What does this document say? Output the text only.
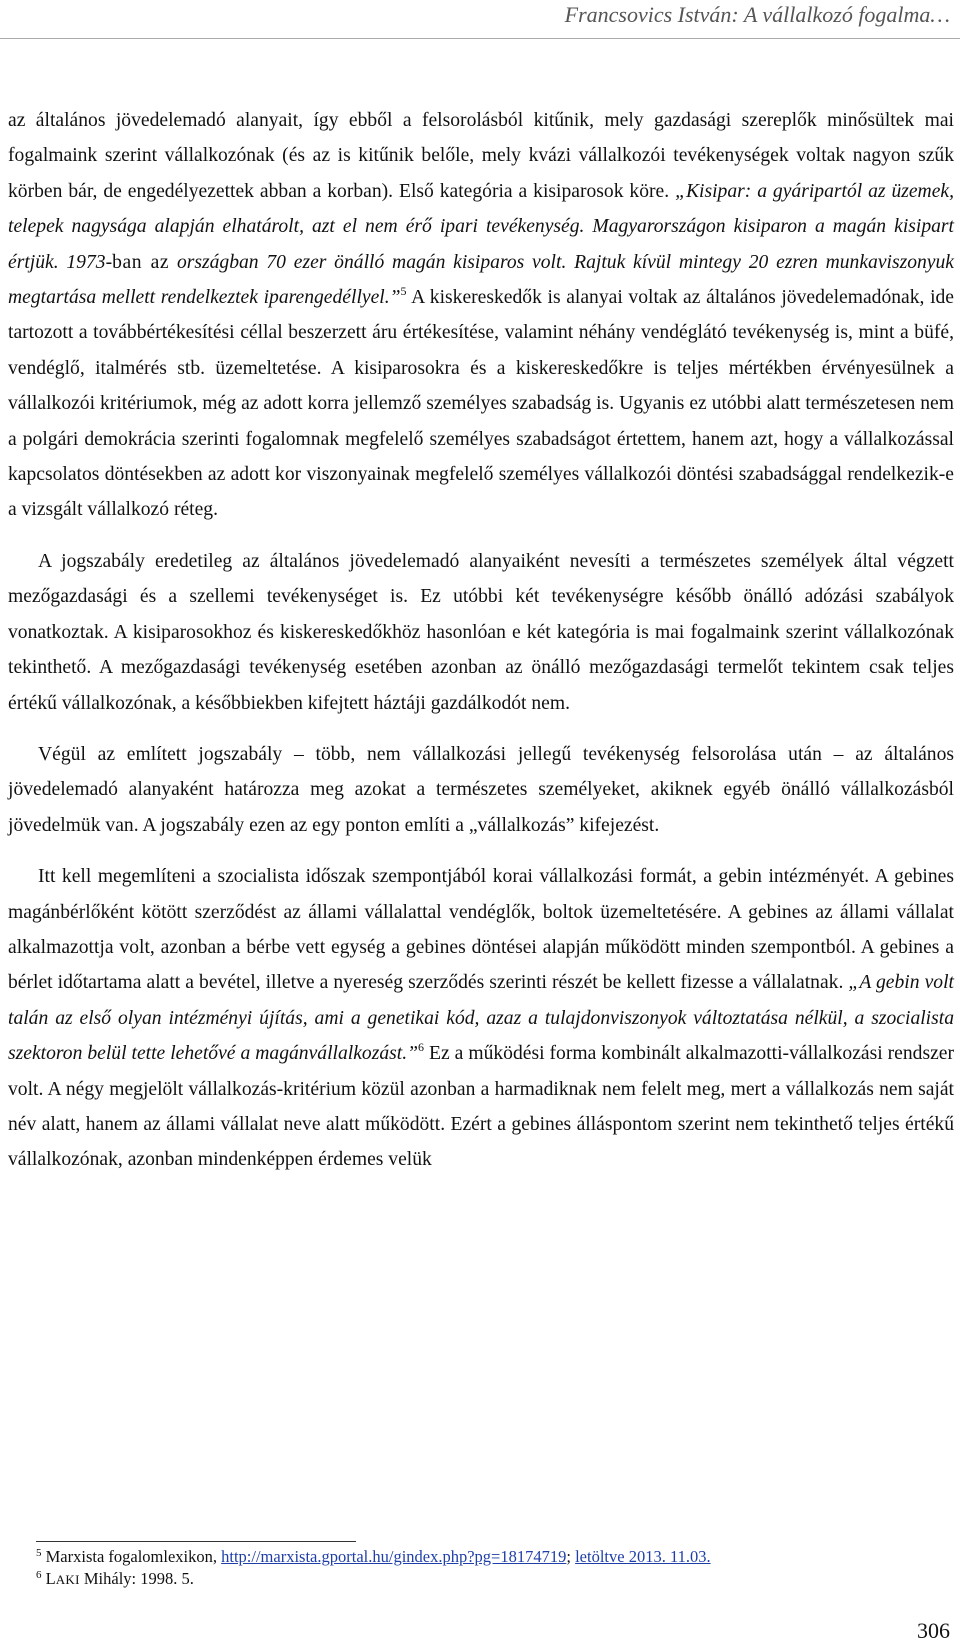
Francsovics István: A vállalkozó fogalma…

az általános jövedelemadó alanyait, így ebből a felsorolásból kitűnik, mely gazdasági szereplők minősültek mai fogalmaink szerint vállalkozónak (és az is kitűnik belőle, mely kvázi vállalkozói tevékenységek voltak nagyon szűk körben bár, de engedélyezettek abban a korban). Első kategória a kisiparosok köre. „Kisipar: a gyáripartól az üzemek, telepek nagysága alapján elhatárolt, azt el nem érő ipari tevékenység. Magyarországon kisiparon a magán kisipart értjük. 1973-ban az országban 70 ezer önálló magán kisiparos volt. Rajtuk kívül mintegy 20 ezren munkaviszonyuk megtartása mellett rendelkeztek iparengedéllyel.”$^5$ A kiskereskedők is alanyai voltak az általános jövedelemadónak, ide tartozott a továbbértékesítési céllal beszerzett áru értékesítése, valamint néhány vendéglátó tevékenység is, mint a büfé, vendéglő, italmérés stb. üzemeltetése. A kisiparosokra és a kiskereskedőkre is teljes mértékben érvényesülnek a vállalkozói kritériumok, még az adott korra jellemző személyes szabadság is. Ugyanis ez utóbbi alatt természetesen nem a polgári demokrácia szerinti fogalomnak megfelelő személyes szabadságot értettem, hanem azt, hogy a vállalkozással kapcsolatos döntésekben az adott kor viszonyainak megfelelő személyes vállalkozói döntési szabadsággal rendelkezik-e a vizsgált vállalkozó réteg.

A jogszabály eredetileg az általános jövedelemadó alanyaiként nevesíti a természetes személyek által végzett mezőgazdasági és a szellemi tevékenységet is. Ez utóbbi két tevékenységre később önálló adózási szabályok vonatkoztak. A kisiparosokhoz és kiskereskedőkhöz hasonlóan e két kategória is mai fogalmaink szerint vállalkozónak tekinthető. A mezőgazdasági tevékenység esetében azonban az önálló mezőgazdasági termelőt tekintem csak teljes értékű vállalkozónak, a későbbiekben kifejtett háztáji gazdálkodót nem.

Végül az említett jogszabály – több, nem vállalkozási jellegű tevékenység felsorolása után – az általános jövedelemadó alanyaként határozza meg azokat a természetes személyeket, akiknek egyéb önálló vállalkozásból jövedelmük van. A jogszabály ezen az egy ponton említi a „vállalkozás” kifejezést.

Itt kell megemlíteni a szocialista időszak szempontjából korai vállalkozási formát, a gebin intézményét. A gebines magánbérlőként kötött szerződést az állami vállalattal vendéglők, boltok üzemeltetésére. A gebines az állami vállalat alkalmazottja volt, azonban a bérbe vett egység a gebines döntései alapján működött minden szempontból. A gebines a bérlet időtartama alatt a bevétel, illetve a nyereség szerződés szerinti részét be kellett fizesse a vállalatnak. „A gebin volt talán az első olyan intézményi újítás, ami a genetikai kód, azaz a tulajdonviszonyok változtatása nélkül, a szocialista szektoron belül tette lehetővé a magánvállalkozást.”$^6$ Ez a működési forma kombinált alkalmazotti-vállalkozási rendszer volt. A négy megjelölt vállalkozás-kritérium közül azonban a harmadiknak nem felelt meg, mert a vállalkozás nem saját név alatt, hanem az állami vállalat neve alatt működött. Ezért a gebines álláspontom szerint nem tekinthető teljes értékű vállalkozónak, azonban mindenképpen érdemes velük

$^5$ Marxista fogalomlexikon, http://marxista.gportal.hu/gindex.php?pg=18174719; letöltve 2013. 11.03.

$^6$ LAKI Mihály: 1998. 5.

306
